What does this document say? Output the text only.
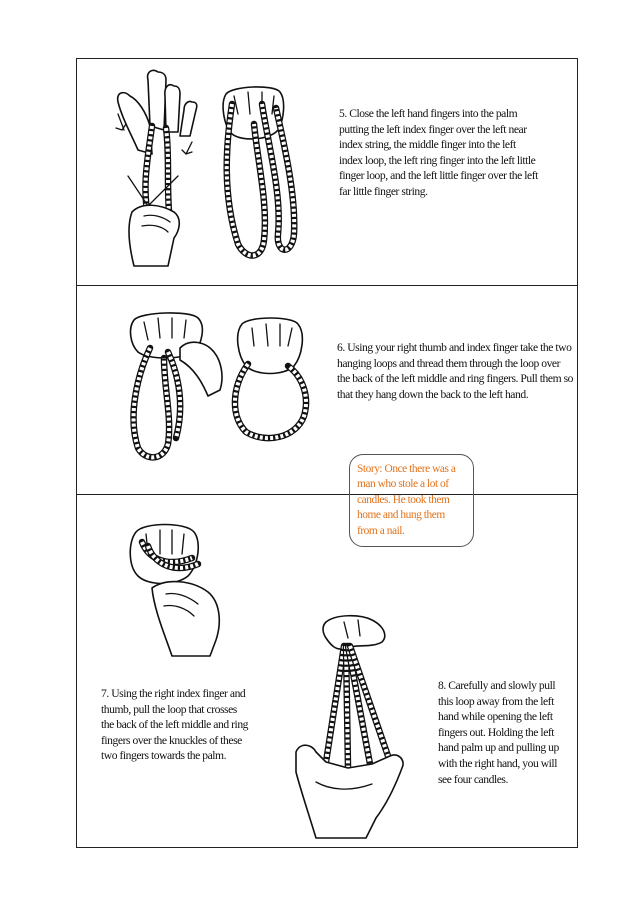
5. Close the left hand fingers into the palm putting the left index finger over the left near index string, the middle finger into the left index loop, the left ring finger into the left little finger loop, and the left little finger over the left far little finger string.
6. Using your right thumb and index finger take the two hanging loops and thread them through the loop over the back of the left middle and ring fingers. Pull them so that they hang down the back to the left hand.
Story: Once there was a man who stole a lot of candles. He took them home and hung them from a nail.
7. Using the right index finger and thumb, pull the loop that crosses the back of the left middle and ring fingers over the knuckles of these two fingers towards the palm.
8. Carefully and slowly pull this loop away from the left hand while opening the left fingers out. Holding the left hand palm up and pulling up with the right hand, you will see four candles.
